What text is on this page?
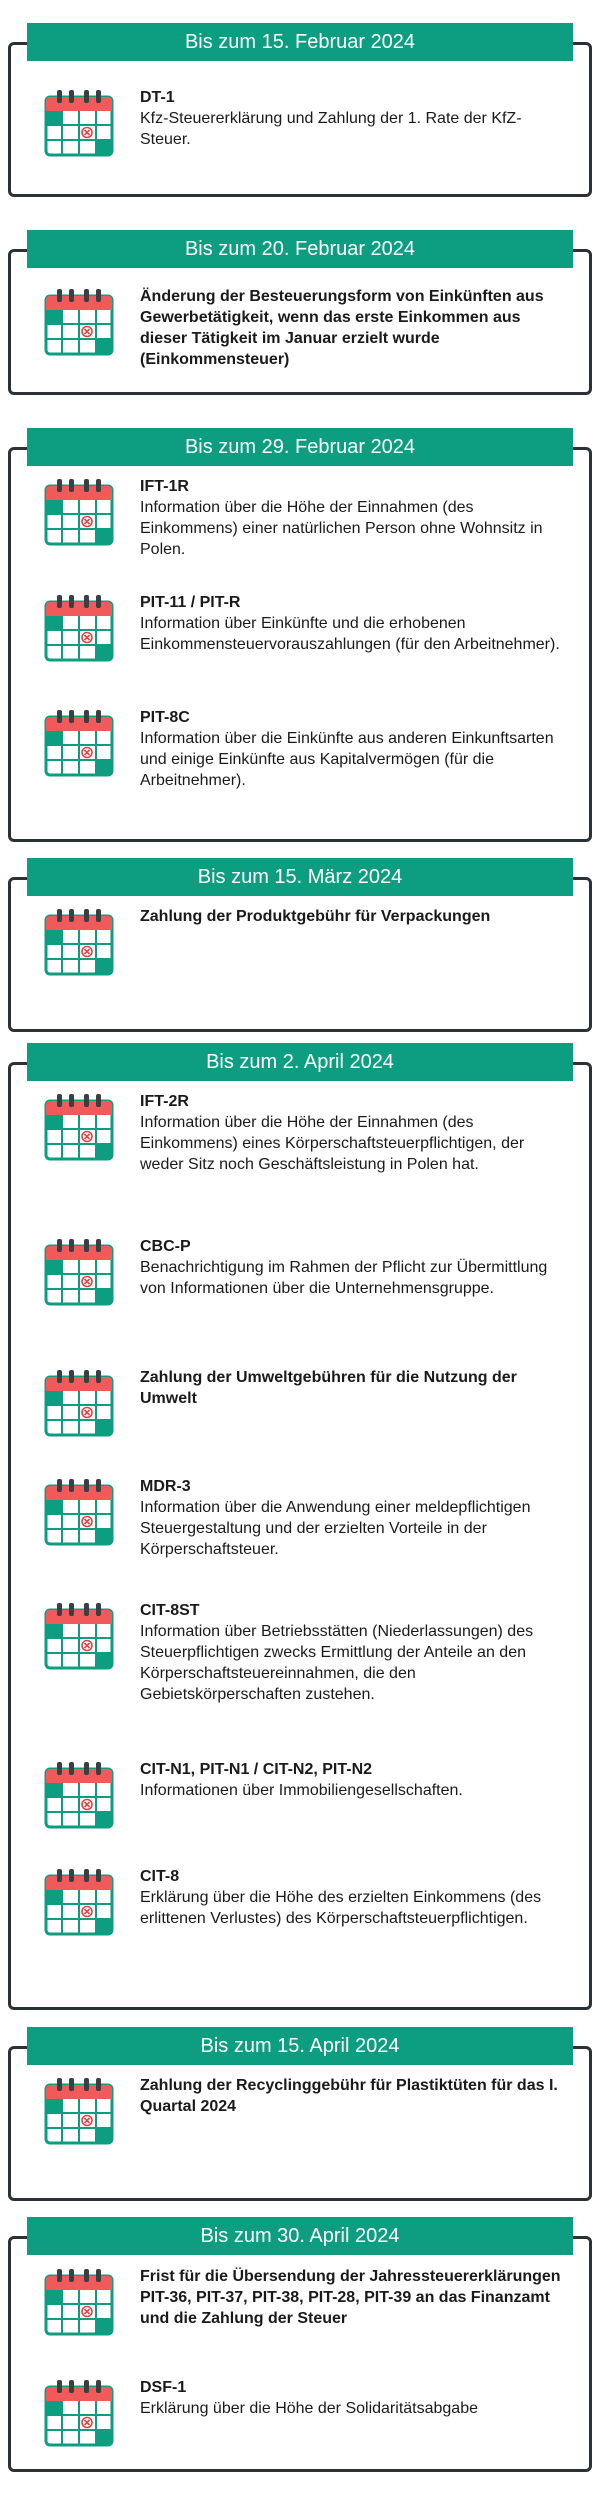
Bis zum 15. Februar 2024
DT-1
Kfz-Steuererklärung und Zahlung der 1. Rate der KfZ-Steuer.
Bis zum 20. Februar 2024
Änderung der Besteuerungsform von Einkünften aus Gewerbetätigkeit, wenn das erste Einkommen aus dieser Tätigkeit im Januar erzielt wurde (Einkommensteuer)
Bis zum 29. Februar 2024
IFT-1R
Information über die Höhe der Einnahmen (des Einkommens) einer natürlichen Person ohne Wohnsitz in Polen.
PIT-11 / PIT-R
Information über Einkünfte und die erhobenen Einkommensteuervorauszahlungen (für den Arbeitnehmer).
PIT-8C
Information über die Einkünfte aus anderen Einkunftsarten und einige Einkünfte aus Kapitalvermögen (für die Arbeitnehmer).
Bis zum 15. März 2024
Zahlung der Produktgebühr für Verpackungen
Bis zum 2. April 2024
IFT-2R
Information über die Höhe der Einnahmen (des Einkommens) eines Körperschaftsteuerpflichtigen, der weder Sitz noch Geschäftsleistung in Polen hat.
CBC-P
Benachrichtigung im Rahmen der Pflicht zur Übermittlung von Informationen über die Unternehmensgruppe.
Zahlung der Umweltgebühren für die Nutzung der Umwelt
MDR-3
Information über die Anwendung einer meldepflichtigen Steuergestaltung und der erzielten Vorteile in der Körperschaftsteuer.
CIT-8ST
Information über Betriebsstätten (Niederlassungen) des Steuerpflichtigen zwecks Ermittlung der Anteile an den Körperschaftsteuereinnahmen, die den Gebietskörperschaften zustehen.
CIT-N1, PIT-N1 / CIT-N2, PIT-N2
Informationen über Immobiliengesellschaften.
CIT-8
Erklärung über die Höhe des erzielten Einkommens (des erlittenen Verlustes) des Körperschaftsteuerpflichtigen.
Bis zum 15. April 2024
Zahlung der Recyclinggebühr für Plastiktüten für das I. Quartal 2024
Bis zum 30. April 2024
Frist für die Übersendung der Jahressteuererklärungen PIT-36, PIT-37, PIT-38, PIT-28, PIT-39 an das Finanzamt und die Zahlung der Steuer
DSF-1
Erklärung über die Höhe der Solidaritätsabgabe
